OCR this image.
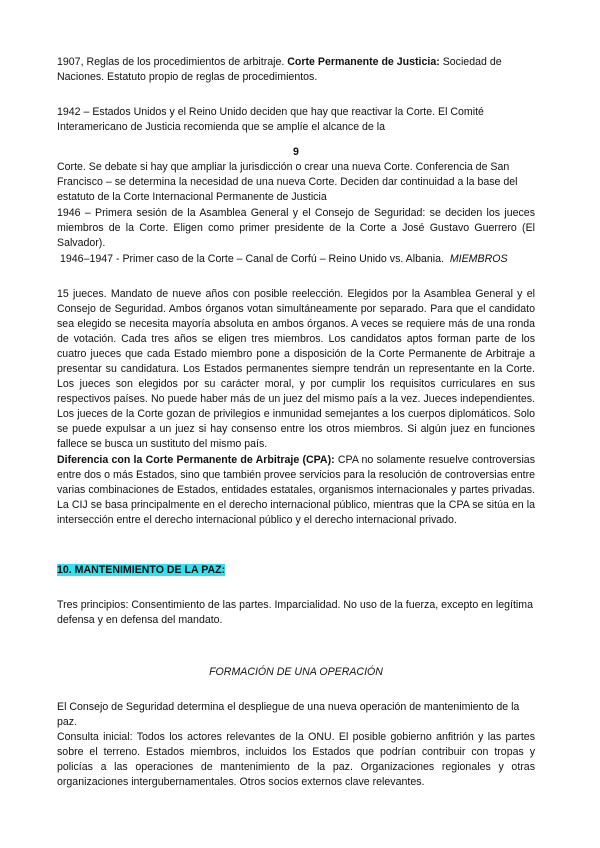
1907, Reglas de los procedimientos de arbitraje. Corte Permanente de Justicia: Sociedad de Naciones. Estatuto propio de reglas de procedimientos.

1942 – Estados Unidos y el Reino Unido deciden que hay que reactivar la Corte. El Comité Interamericano de Justicia recomienda que se amplíe el alcance de la

9

Corte. Se debate si hay que ampliar la jurisdicción o crear una nueva Corte. Conferencia de San Francisco – se determina la necesidad de una nueva Corte. Deciden dar continuidad a la base del estatuto de la Corte Internacional Permanente de Justicia

1946 – Primera sesión de la Asamblea General y el Consejo de Seguridad: se deciden los jueces miembros de la Corte. Eligen como primer presidente de la Corte a José Gustavo Guerrero (El Salvador).

1946–1947 - Primer caso de la Corte – Canal de Corfú – Reino Unido vs. Albania. MIEMBROS

15 jueces. Mandato de nueve años con posible reelección. Elegidos por la Asamblea General y el Consejo de Seguridad. Ambos órganos votan simultáneamente por separado. Para que el candidato sea elegido se necesita mayoría absoluta en ambos órganos. A veces se requiere más de una ronda de votación. Cada tres años se eligen tres miembros. Los candidatos aptos forman parte de los cuatro jueces que cada Estado miembro pone a disposición de la Corte Permanente de Arbitraje a presentar su candidatura. Los Estados permanentes siempre tendrán un representante en la Corte. Los jueces son elegidos por su carácter moral, y por cumplir los requisitos curriculares en sus respectivos países. No puede haber más de un juez del mismo país a la vez. Jueces independientes. Los jueces de la Corte gozan de privilegios e inmunidad semejantes a los cuerpos diplomáticos. Solo se puede expulsar a un juez si hay consenso entre los otros miembros. Si algún juez en funciones fallece se busca un sustituto del mismo país.

Diferencia con la Corte Permanente de Arbitraje (CPA): CPA no solamente resuelve controversias entre dos o más Estados, sino que también provee servicios para la resolución de controversias entre varias combinaciones de Estados, entidades estatales, organismos internacionales y partes privadas. La CIJ se basa principalmente en el derecho internacional público, mientras que la CPA se sitúa en la intersección entre el derecho internacional público y el derecho internacional privado.

10. MANTENIMIENTO DE LA PAZ:

Tres principios: Consentimiento de las partes. Imparcialidad. No uso de la fuerza, excepto en legítima defensa y en defensa del mandato.

FORMACIÓN DE UNA OPERACIÓN

El Consejo de Seguridad determina el despliegue de una nueva operación de mantenimiento de la paz.

Consulta inicial: Todos los actores relevantes de la ONU. El posible gobierno anfitrión y las partes sobre el terreno. Estados miembros, incluidos los Estados que podrían contribuir con tropas y policías a las operaciones de mantenimiento de la paz. Organizaciones regionales y otras organizaciones intergubernamentales. Otros socios externos clave relevantes.
